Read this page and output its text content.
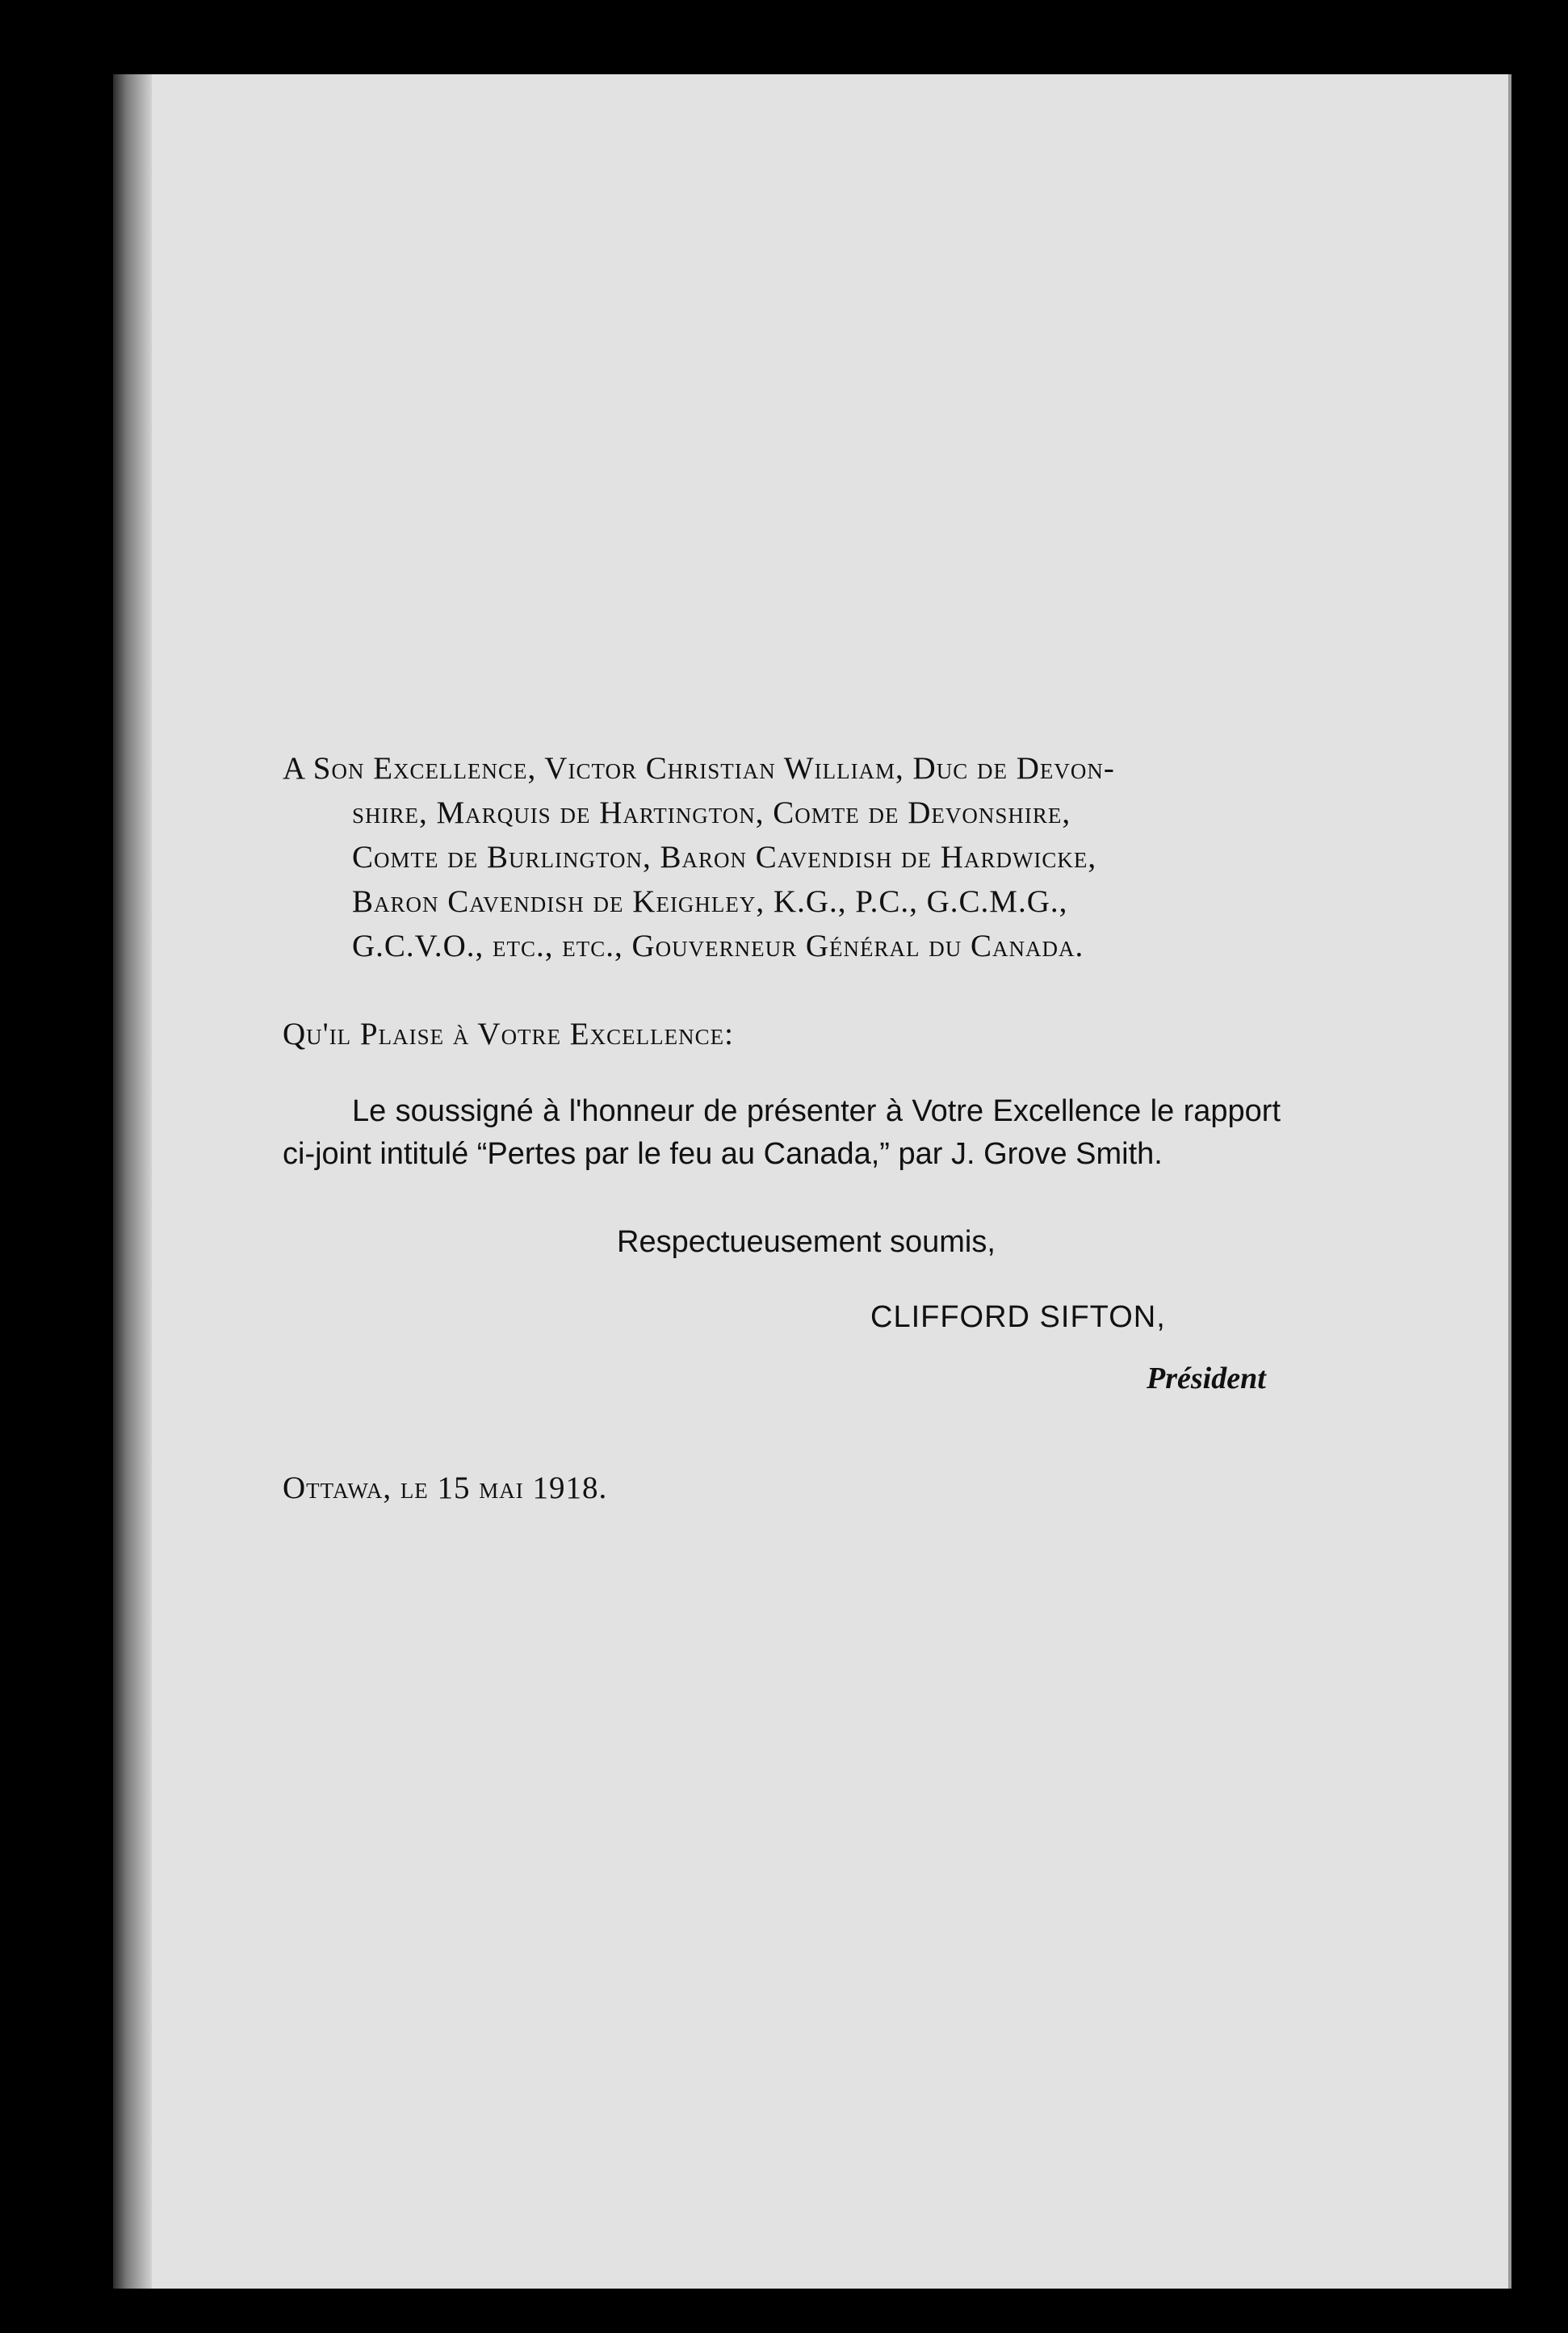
A Son Excellence, Victor Christian William, Duc de Devon-
shire, Marquis de Hartington, Comte de Devonshire,
Comte de Burlington, Baron Cavendish de Hardwicke,
Baron Cavendish de Keighley, K.G., P.C., G.C.M.G.,
G.C.V.O., etc., etc., Gouverneur Général du Canada.
Qu'il Plaise à Votre Excellence:
Le soussigné à l'honneur de présenter à Votre Excellence le rapport ci-joint intitulé “Pertes par le feu au Canada,” par J. Grove Smith.
Respectueusement soumis,
CLIFFORD SIFTON,
Président
Ottawa, le 15 mai 1918.
